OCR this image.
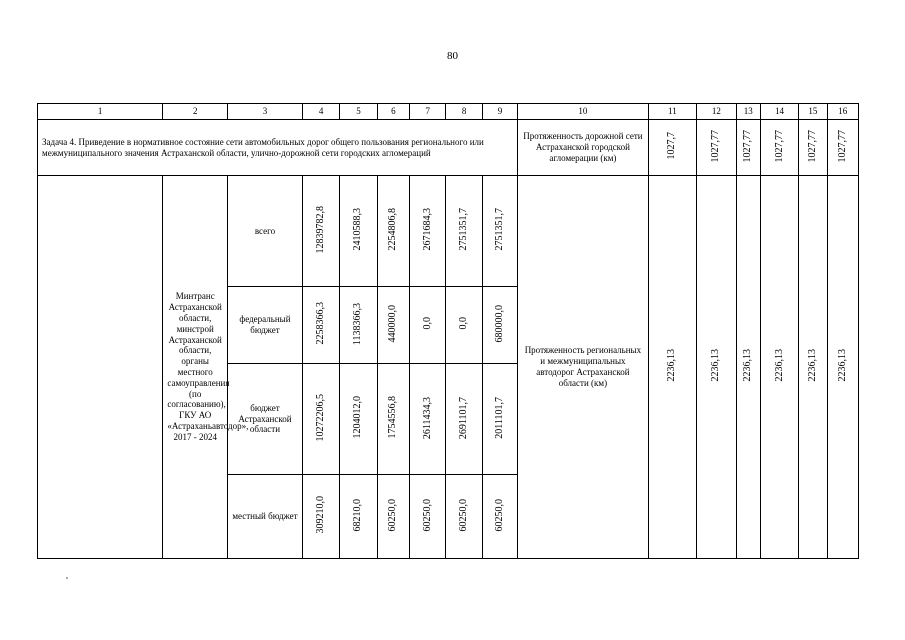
80
1	2	3	4	5	6	7	8	9	10	11	12	13	14	15	16
Задача 4. Приведение в нормативное состояние сети автомобильных дорог общего пользования регионального или межмуниципального значения Астраханской области, улично-дорожной сети городских агломераций									Протяженность дорожной сети Астраханской городской агломерации (км)	1027,7	1027,77	1027,77	1027,77	1027,77	1027,77
	Минтранс Астраханской области, минстрой Астраханской области, органы местного самоуправления (по согласованию), ГКУ АО «Астраханьавтодор», 2017 - 2024	всего	12839782,8	2410588,3	2254806,8	2671684,3	2751351,7	2751351,7	Протяженность региональных и межмуниципальных автодорог Астраханской области (км)	2236,13	2236,13	2236,13	2236,13	2236,13	2236,13
		федеральный бюджет	2258366,3	1138366,3	440000,0	0,0	0,0	680000,0							
		бюджет Астраханской области	10272206,5	1204012,0	1754556,8	2611434,3	2691101,7	2011101,7							
		местный бюджет	309210,0	68210,0	60250,0	60250,0	60250,0	60250,0							
